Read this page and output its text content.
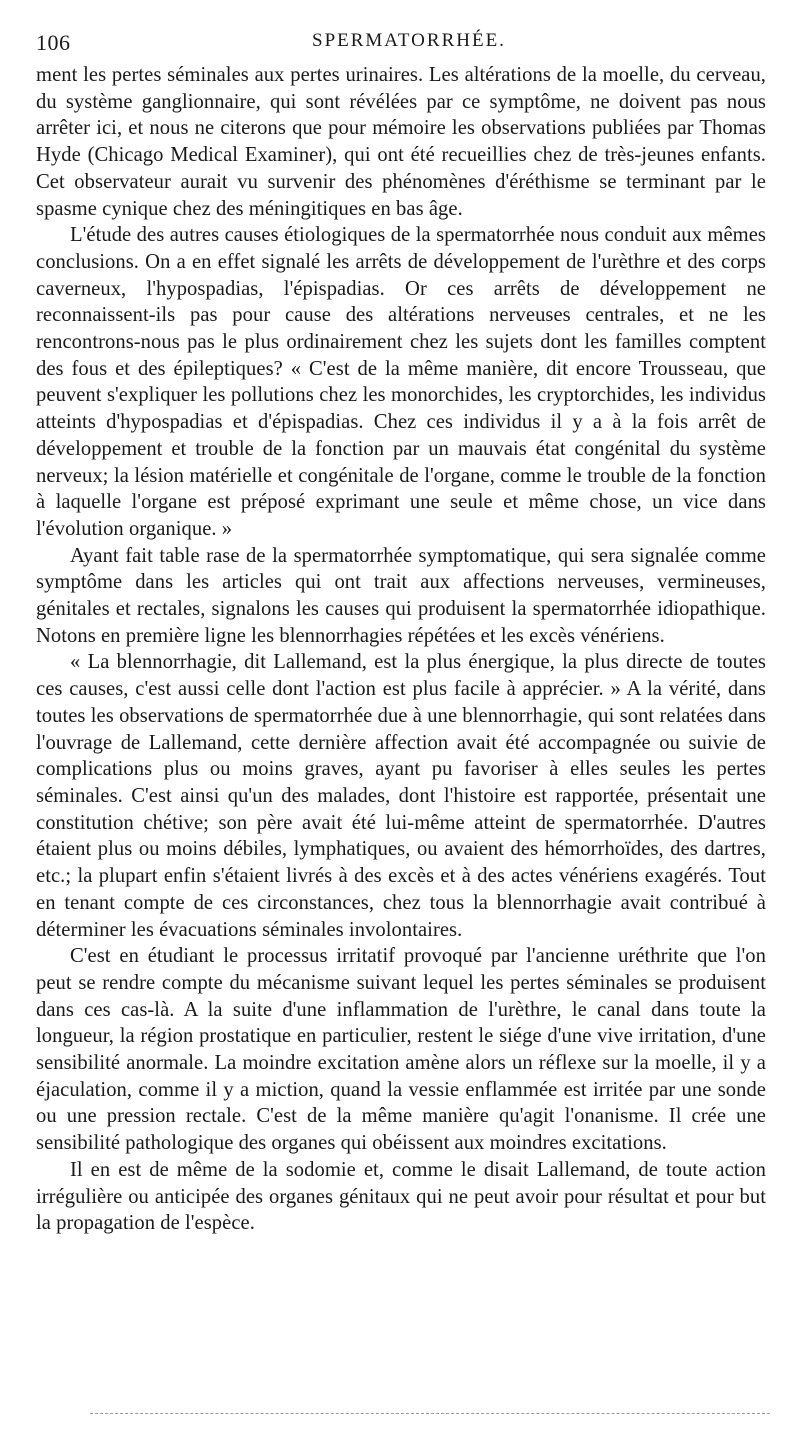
106	SPERMATORRHÉE.

ment les pertes séminales aux pertes urinaires. Les altérations de la moelle, du cerveau, du système ganglionnaire, qui sont révélées par ce symptôme, ne doivent pas nous arrêter ici, et nous ne citerons que pour mémoire les observations publiées par Thomas Hyde (Chicago Medical Examiner), qui ont été recueillies chez de très-jeunes enfants. Cet observateur aurait vu survenir des phénomènes d'éréthisme se terminant par le spasme cynique chez des méningitiques en bas âge.

L'étude des autres causes étiologiques de la spermatorrhée nous conduit aux mêmes conclusions. On a en effet signalé les arrêts de développement de l'urèthre et des corps caverneux, l'hypospadias, l'épispadias. Or ces arrêts de développement ne reconnaissent-ils pas pour cause des altérations nerveuses centrales, et ne les rencontrons-nous pas le plus ordinairement chez les sujets dont les familles comptent des fous et des épileptiques? « C'est de la même manière, dit encore Trousseau, que peuvent s'expliquer les pollutions chez les monorchides, les cryptorchides, les individus atteints d'hypospadias et d'épispadias. Chez ces individus il y a à la fois arrêt de développement et trouble de la fonction par un mauvais état congénital du système nerveux; la lésion matérielle et congénitale de l'organe, comme le trouble de la fonction à laquelle l'organe est préposé exprimant une seule et même chose, un vice dans l'évolution organique. »

Ayant fait table rase de la spermatorrhée symptomatique, qui sera signalée comme symptôme dans les articles qui ont trait aux affections nerveuses, vermineuses, génitales et rectales, signalons les causes qui produisent la spermatorrhée idiopathique. Notons en première ligne les blennorrhagies répétées et les excès vénériens.

« La blennorrhagie, dit Lallemand, est la plus énergique, la plus directe de toutes ces causes, c'est aussi celle dont l'action est plus facile à apprécier. » A la vérité, dans toutes les observations de spermatorrhée due à une blennorrhagie, qui sont relatées dans l'ouvrage de Lallemand, cette dernière affection avait été accompagnée ou suivie de complications plus ou moins graves, ayant pu favoriser à elles seules les pertes séminales. C'est ainsi qu'un des malades, dont l'histoire est rapportée, présentait une constitution chétive; son père avait été lui-même atteint de spermatorrhée. D'autres étaient plus ou moins débiles, lymphatiques, ou avaient des hémorrhoïdes, des dartres, etc.; la plupart enfin s'étaient livrés à des excès et à des actes vénériens exagérés. Tout en tenant compte de ces circonstances, chez tous la blennorrhagie avait contribué à déterminer les évacuations séminales involontaires.

C'est en étudiant le processus irritatif provoqué par l'ancienne uréthrite que l'on peut se rendre compte du mécanisme suivant lequel les pertes séminales se produisent dans ces cas-là. A la suite d'une inflammation de l'urèthre, le canal dans toute la longueur, la région prostatique en particulier, restent le siége d'une vive irritation, d'une sensibilité anormale. La moindre excitation amène alors un réflexe sur la moelle, il y a éjaculation, comme il y a miction, quand la vessie enflammée est irritée par une sonde ou une pression rectale. C'est de la même manière qu'agit l'onanisme. Il crée une sensibilité pathologique des organes qui obéissent aux moindres excitations.

Il en est de même de la sodomie et, comme le disait Lallemand, de toute action irrégulière ou anticipée des organes génitaux qui ne peut avoir pour résultat et pour but la propagation de l'espèce.
